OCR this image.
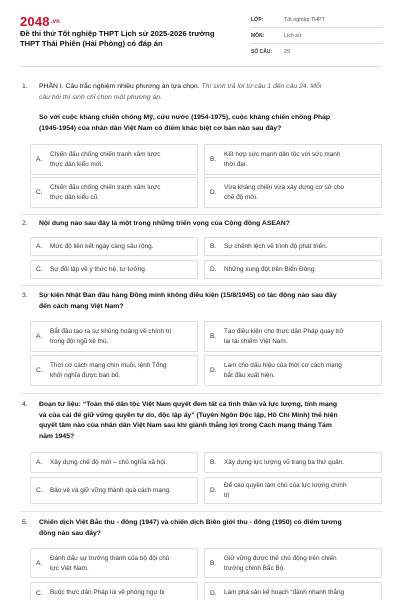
$2048^{.vn}$
Đề thi thử Tốt nghiệp THPT Lịch sử 2025-2026 trường
THPT Thái Phiên (Hải Phòng) có đáp án
LỚP:	Tốt nghiệp THPT
MÔN:	Lịch sử
SỐ CÂU:	29
1. PHẦN I. Câu trắc nghiệm nhiều phương án lựa chọn. Thí sinh trả lời từ câu 1 đến câu 24. Mỗi
câu hỏi thí sinh chỉ chọn một phương án.
So với cuộc kháng chiến chống Mỹ, cứu nước (1954-1975), cuộc kháng chiến chống Pháp
(1945-1954) của nhân dân Việt Nam có điểm khác biệt cơ bản nào sau đây?
A.
Chiến đấu chống chiến tranh xâm lược
thực dân kiểu mới.
B.
Kết hợp sức mạnh dân tộc với sức mạnh
thời đại.
C.
Chiến đấu chống chiến tranh xâm lược
thực dân kiểu cũ.
D.
Vừa kháng chiến vừa xây dựng cơ sở cho
chế độ mới.
2. Nội dung nào sau đây là một trong những triển vọng của Cộng đồng ASEAN?
A. Mức độ liên kết ngày càng sâu rộng.	B. Sự chênh lệch về trình độ phát triển.
C. Sự đối lập về ý thức hệ, tư tưởng.	D. Những xung đột trên Biển Đông.
3. Sự kiện Nhật Bản đầu hàng Đồng minh không điều kiện (15/8/1945) có tác động nào sau đây
đến cách mạng Việt Nam?
A.
Bắt đầu tạo ra sự khủng hoảng về chính trị
trong đội ngũ kẻ thù.
B.
Tạo điều kiện cho thực dân Pháp quay trở
lại tái chiếm Việt Nam.
C.
Thời cơ cách mạng chín muồi, lệnh Tổng
khởi nghĩa được ban bố.
D.
Làm cho dấu hiệu của thời cơ cách mạng
bắt đầu xuất hiện.
4. Đoạn tư liệu: “Toàn thể dân tộc Việt Nam quyết đem tất cả tinh thần và lực lượng, tính mạng
và của cải để giữ vững quyền tự do, độc lập ấy” (Tuyên Ngôn Độc lập, Hồ Chí Minh) thể hiện
quyết tâm nào của nhân dân Việt Nam sau khi giành thắng lợi trong Cách mạng tháng Tám
năm 1945?
A. Xây dựng chế độ mới – chủ nghĩa xã hội.	B. Xây dựng lực lượng vũ trang ba thứ quân.
C. Bảo vệ và giữ vững thành quả cách mạng.	D.
Để cao quyền làm chủ của lực lượng chính
trị
5. Chiến dịch Việt Bắc thu - đông (1947) và chiến dịch Biên giới thu - đông (1950) có điểm tương
đồng nào sau đây?
A.
Đánh dấu sự trưởng thành của bộ đội chủ
lực Việt Nam.
B.
Giữ vững được thế chủ động trên chiến
trường chính Bắc Bộ.
C. Buộc thực dân Pháp lùi về phòng ngự bị	D. Làm phá sản kế hoạch “đánh nhanh thắng
